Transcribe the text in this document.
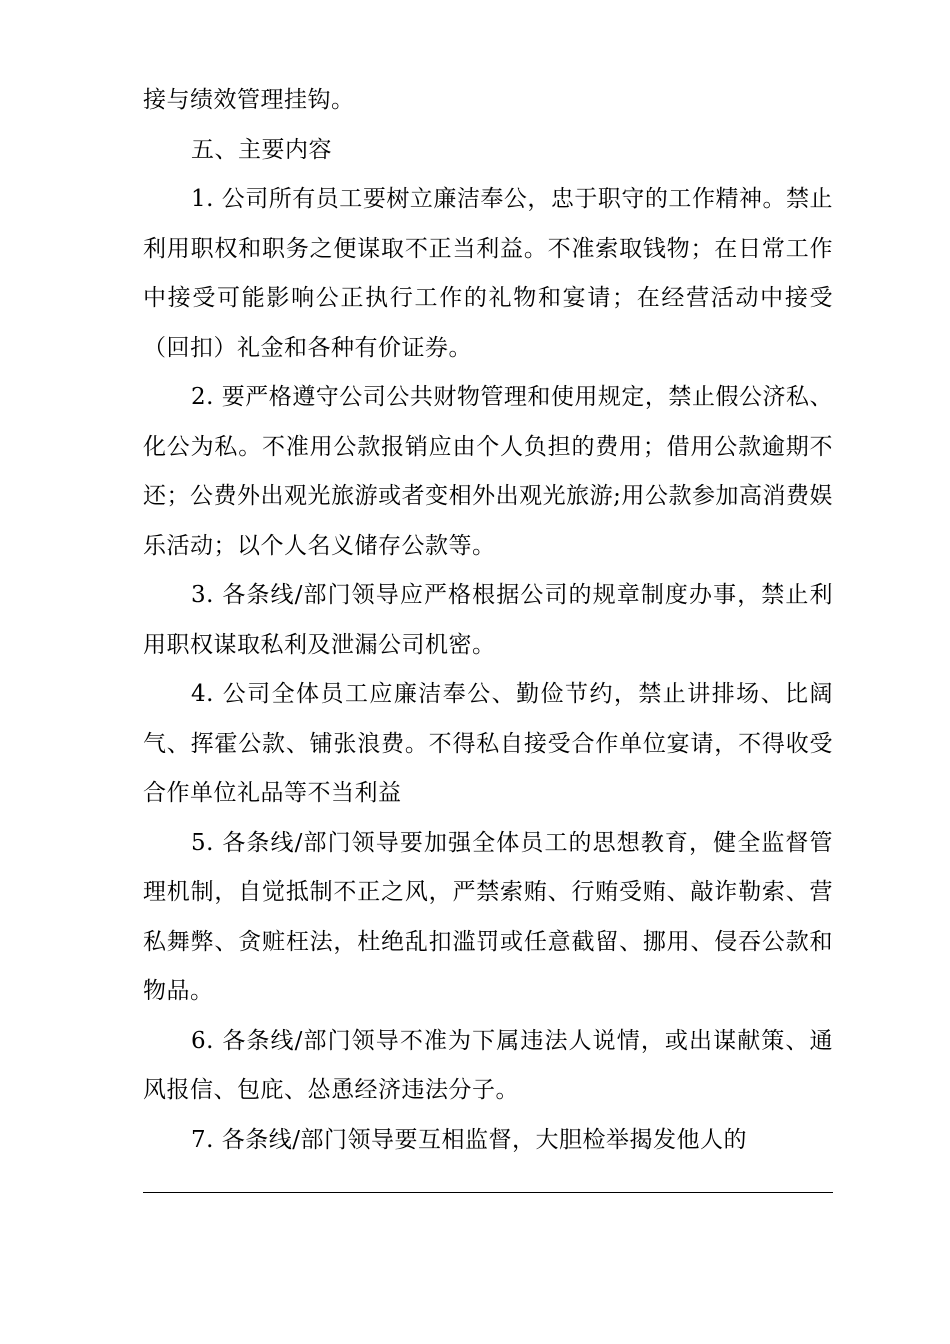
接与绩效管理挂钩。

五、主要内容

1. 公司所有员工要树立廉洁奉公，忠于职守的工作精神。禁止利用职权和职务之便谋取不正当利益。不准索取钱物；在日常工作中接受可能影响公正执行工作的礼物和宴请；在经营活动中接受（回扣）礼金和各种有价证券。

2. 要严格遵守公司公共财物管理和使用规定，禁止假公济私、化公为私。不准用公款报销应由个人负担的费用；借用公款逾期不还；公费外出观光旅游或者变相外出观光旅游;用公款参加高消费娱乐活动；以个人名义储存公款等。

3. 各条线/部门领导应严格根据公司的规章制度办事，禁止利用职权谋取私利及泄漏公司机密。

4. 公司全体员工应廉洁奉公、勤俭节约，禁止讲排场、比阔气、挥霍公款、铺张浪费。不得私自接受合作单位宴请，不得收受合作单位礼品等不当利益

5. 各条线/部门领导要加强全体员工的思想教育，健全监督管理机制，自觉抵制不正之风，严禁索贿、行贿受贿、敲诈勒索、营私舞弊、贪赃枉法，杜绝乱扣滥罚或任意截留、挪用、侵吞公款和物品。

6. 各条线/部门领导不准为下属违法人说情，或出谋献策、通风报信、包庇、怂恿经济违法分子。

7. 各条线/部门领导要互相监督，大胆检举揭发他人的
